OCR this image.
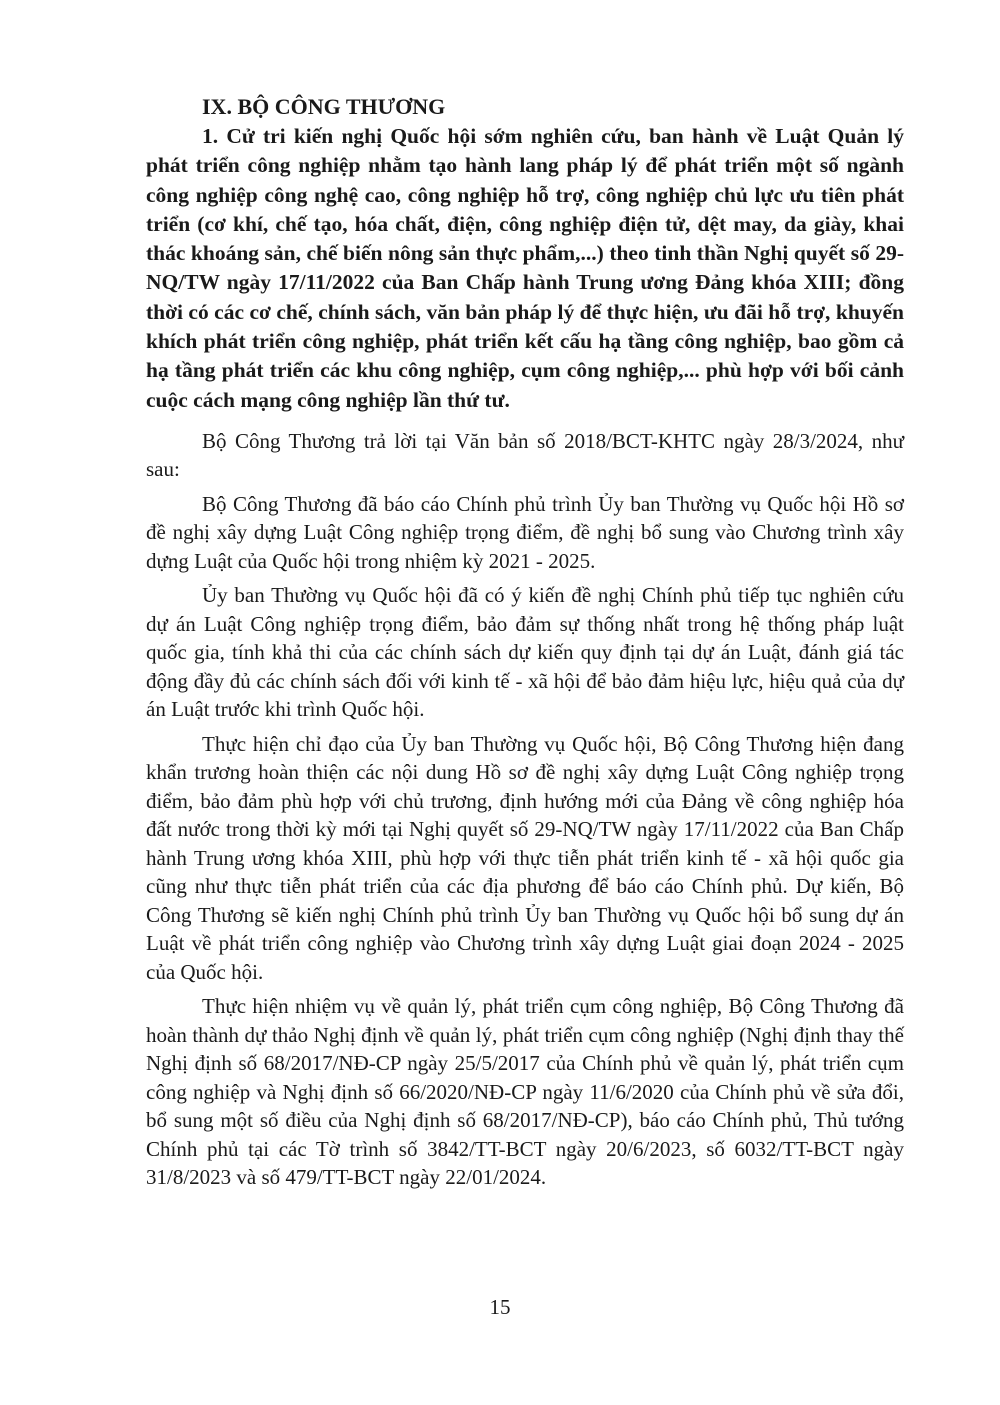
IX. BỘ CÔNG THƯƠNG

1. Cử tri kiến nghị Quốc hội sớm nghiên cứu, ban hành về Luật Quản lý phát triển công nghiệp nhằm tạo hành lang pháp lý để phát triển một số ngành công nghiệp công nghệ cao, công nghiệp hỗ trợ, công nghiệp chủ lực ưu tiên phát triển (cơ khí, chế tạo, hóa chất, điện, công nghiệp điện tử, dệt may, da giày, khai thác khoáng sản, chế biến nông sản thực phẩm,...) theo tinh thần Nghị quyết số 29-NQ/TW ngày 17/11/2022 của Ban Chấp hành Trung ương Đảng khóa XIII; đồng thời có các cơ chế, chính sách, văn bản pháp lý để thực hiện, ưu đãi hỗ trợ, khuyến khích phát triển công nghiệp, phát triển kết cấu hạ tầng công nghiệp, bao gồm cả hạ tầng phát triển các khu công nghiệp, cụm công nghiệp,... phù hợp với bối cảnh cuộc cách mạng công nghiệp lần thứ tư.

Bộ Công Thương trả lời tại Văn bản số 2018/BCT-KHTC ngày 28/3/2024, như sau:

Bộ Công Thương đã báo cáo Chính phủ trình Ủy ban Thường vụ Quốc hội Hồ sơ đề nghị xây dựng Luật Công nghiệp trọng điểm, đề nghị bổ sung vào Chương trình xây dựng Luật của Quốc hội trong nhiệm kỳ 2021 - 2025.

Ủy ban Thường vụ Quốc hội đã có ý kiến đề nghị Chính phủ tiếp tục nghiên cứu dự án Luật Công nghiệp trọng điểm, bảo đảm sự thống nhất trong hệ thống pháp luật quốc gia, tính khả thi của các chính sách dự kiến quy định tại dự án Luật, đánh giá tác động đầy đủ các chính sách đối với kinh tế - xã hội để bảo đảm hiệu lực, hiệu quả của dự án Luật trước khi trình Quốc hội.

Thực hiện chỉ đạo của Ủy ban Thường vụ Quốc hội, Bộ Công Thương hiện đang khẩn trương hoàn thiện các nội dung Hồ sơ đề nghị xây dựng Luật Công nghiệp trọng điểm, bảo đảm phù hợp với chủ trương, định hướng mới của Đảng về công nghiệp hóa đất nước trong thời kỳ mới tại Nghị quyết số 29-NQ/TW ngày 17/11/2022 của Ban Chấp hành Trung ương khóa XIII, phù hợp với thực tiễn phát triển kinh tế - xã hội quốc gia cũng như thực tiễn phát triển của các địa phương để báo cáo Chính phủ. Dự kiến, Bộ Công Thương sẽ kiến nghị Chính phủ trình Ủy ban Thường vụ Quốc hội bổ sung dự án Luật về phát triển công nghiệp vào Chương trình xây dựng Luật giai đoạn 2024 - 2025 của Quốc hội.

Thực hiện nhiệm vụ về quản lý, phát triển cụm công nghiệp, Bộ Công Thương đã hoàn thành dự thảo Nghị định về quản lý, phát triển cụm công nghiệp (Nghị định thay thế Nghị định số 68/2017/NĐ-CP ngày 25/5/2017 của Chính phủ về quản lý, phát triển cụm công nghiệp và Nghị định số 66/2020/NĐ-CP ngày 11/6/2020 của Chính phủ về sửa đổi, bổ sung một số điều của Nghị định số 68/2017/NĐ-CP), báo cáo Chính phủ, Thủ tướng Chính phủ tại các Tờ trình số 3842/TT-BCT ngày 20/6/2023, số 6032/TT-BCT ngày 31/8/2023 và số 479/TT-BCT ngày 22/01/2024.

15
